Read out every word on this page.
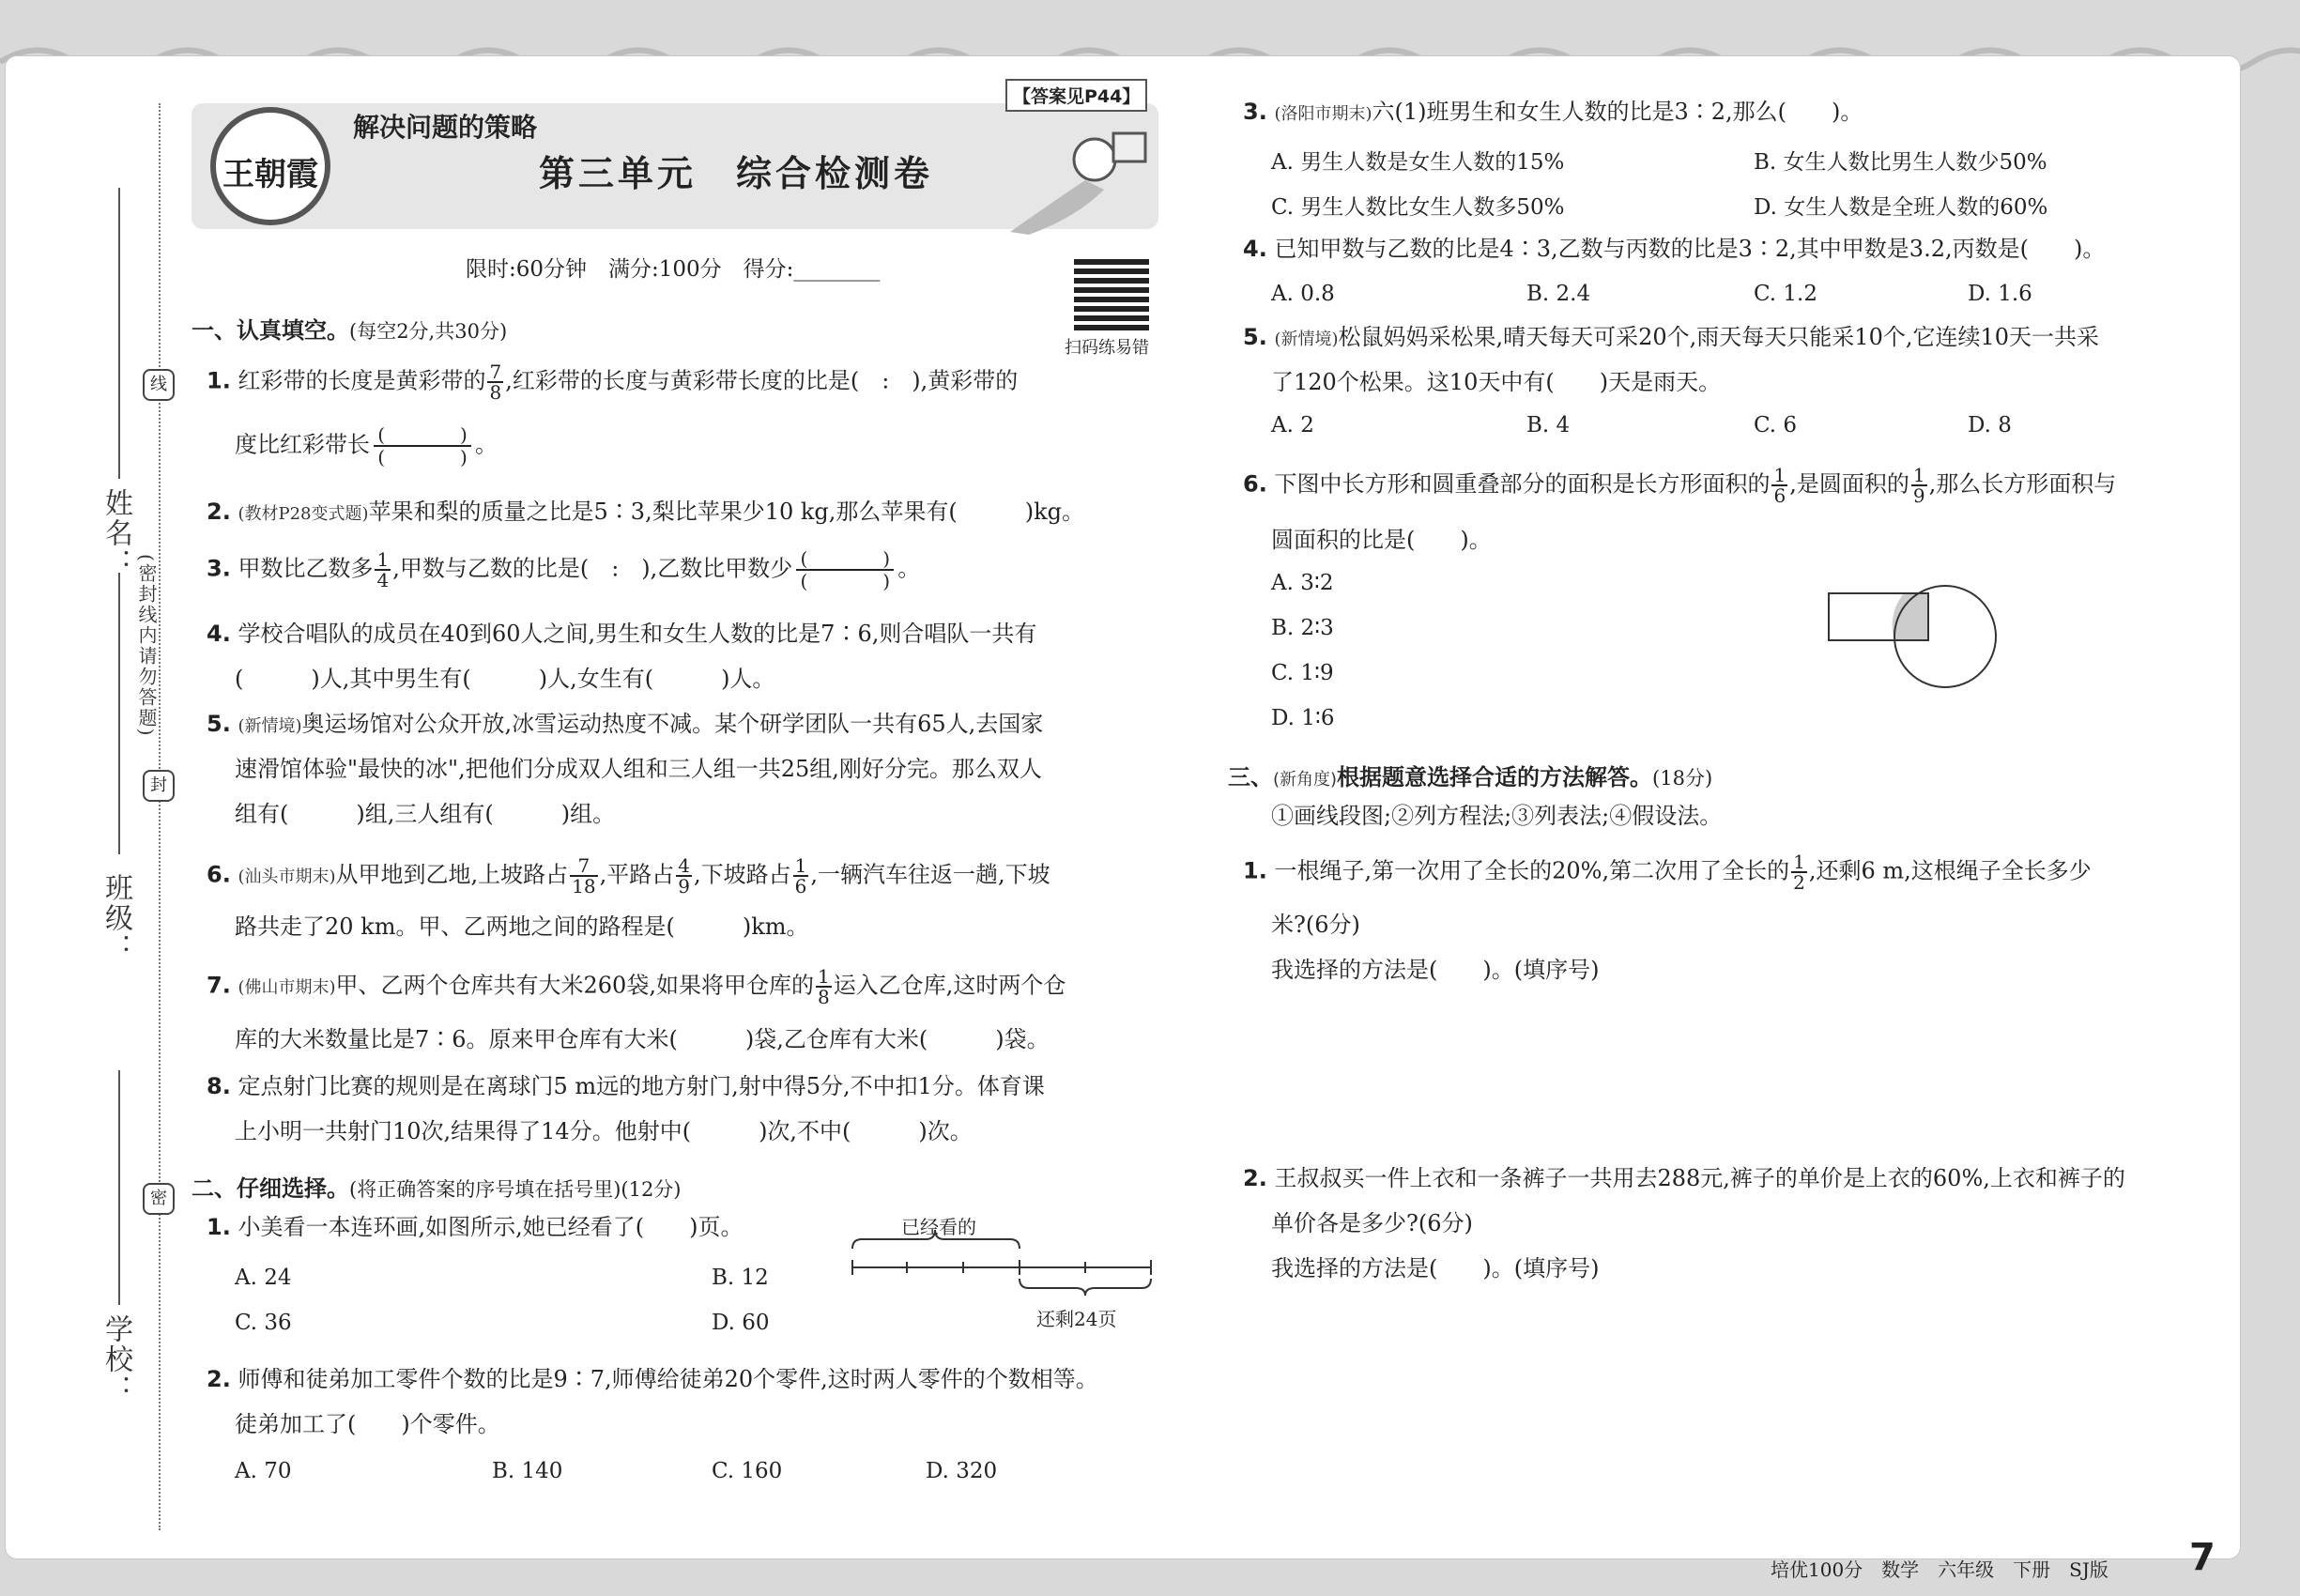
姓名：
班级：
学校：
线
(密封线内请勿答题)
封
密
王朝霞
解决问题的策略
第三单元　综合检测卷
【答案见P44】
限时:60分钟　满分:100分　得分:________
扫码练易错
一、认真填空。(每空2分,共30分)
1. 红彩带的长度是黄彩带的 $\frac{7}{8}$ ,红彩带的长度与黄彩带长度的比是(　:　),黄彩带的
度比红彩带长 (　　　　)
(　　　　) 。
2. (教材P28变式题)苹果和梨的质量之比是5∶3,梨比苹果少10 kg,那么苹果有(　　　)kg。
3. 甲数比乙数多 $\frac{1}{4}$ ,甲数与乙数的比是(　:　),乙数比甲数少 (　　　　)
(　　　　) 。
4. 学校合唱队的成员在40到60人之间,男生和女生人数的比是7∶6,则合唱队一共有
(　　　)人,其中男生有(　　　)人,女生有(　　　)人。
5. (新情境)奥运场馆对公众开放,冰雪运动热度不减。某个研学团队一共有65人,去国家
速滑馆体验"最快的冰",把他们分成双人组和三人组一共25组,刚好分完。那么双人
组有(　　　)组,三人组有(　　　)组。
6. (汕头市期末)从甲地到乙地,上坡路占 $\frac{7}{18}$ ,平路占 $\frac{4}{9}$ ,下坡路占 $\frac{1}{6}$ ,一辆汽车往返一趟,下坡
路共走了20 km。甲、乙两地之间的路程是(　　　)km。
7. (佛山市期末)甲、乙两个仓库共有大米260袋,如果将甲仓库的 $\frac{1}{8}$ 运入乙仓库,这时两个仓
库的大米数量比是7∶6。原来甲仓库有大米(　　　)袋,乙仓库有大米(　　　)袋。
8. 定点射门比赛的规则是在离球门5 m远的地方射门,射中得5分,不中扣1分。体育课
上小明一共射门10次,结果得了14分。他射中(　　　)次,不中(　　　)次。
二、仔细选择。(将正确答案的序号填在括号里)(12分)
1. 小美看一本连环画,如图所示,她已经看了(　　)页。
A. 24	B. 12
C. 36	D. 60
已经看的
还剩24页
2. 师傅和徒弟加工零件个数的比是9∶7,师傅给徒弟20个零件,这时两人零件的个数相等。
徒弟加工了(　　)个零件。
A. 70	B. 140	C. 160	D. 320
3. (洛阳市期末)六(1)班男生和女生人数的比是3∶2,那么(　　)。
A. 男生人数是女生人数的15%	B. 女生人数比男生人数少50%
C. 男生人数比女生人数多50%	D. 女生人数是全班人数的60%
4. 已知甲数与乙数的比是4∶3,乙数与丙数的比是3∶2,其中甲数是3.2,丙数是(　　)。
A. 0.8	B. 2.4	C. 1.2	D. 1.6
5. (新情境)松鼠妈妈采松果,晴天每天可采20个,雨天每天只能采10个,它连续10天一共采
了120个松果。这10天中有(　　)天是雨天。
A. 2	B. 4	C. 6	D. 8
6. 下图中长方形和圆重叠部分的面积是长方形面积的 $\frac{1}{6}$ ,是圆面积的 $\frac{1}{9}$ ,那么长方形面积与
圆面积的比是(　　)。
A. 3∶2
B. 2∶3
C. 1∶9
D. 1∶6
三、(新角度)根据题意选择合适的方法解答。(18分)
①画线段图;②列方程法;③列表法;④假设法。
1. 一根绳子,第一次用了全长的20%,第二次用了全长的 $\frac{1}{2}$ ,还剩6 m,这根绳子全长多少
米?(6分)
我选择的方法是(　　)。(填序号)
2. 王叔叔买一件上衣和一条裤子一共用去288元,裤子的单价是上衣的60%,上衣和裤子的
单价各是多少?(6分)
我选择的方法是(　　)。(填序号)
培优100分　数学　六年级　下册　SJ版 7
